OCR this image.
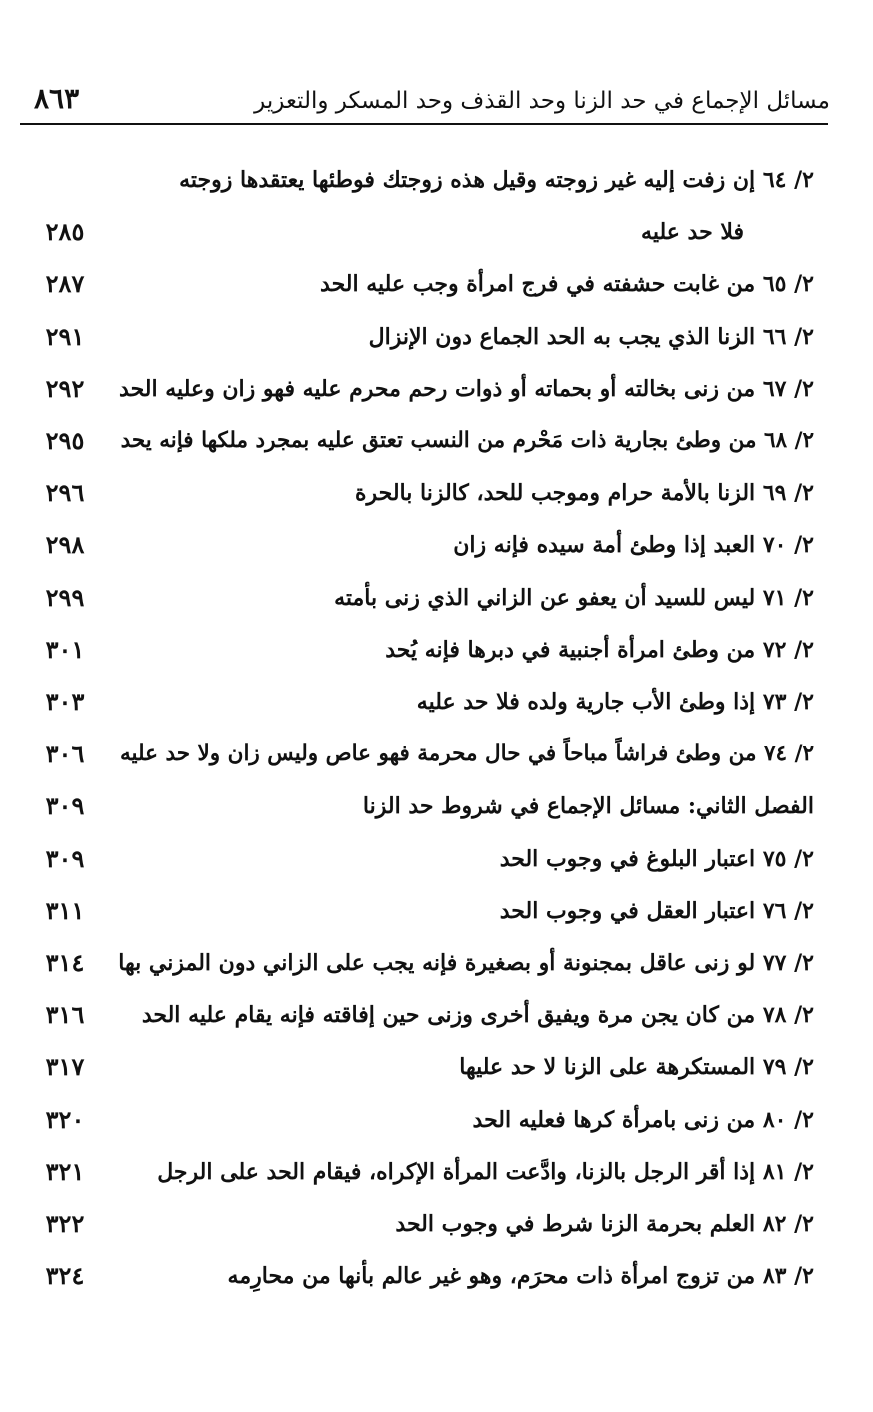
٨٦٣	مسائل الإجماع في حد الزنا وحد القذف وحد المسكر والتعزير
٢/ ٦٤ إن زفت إليه غير زوجته وقيل هذه زوجتك فوطئها يعتقدها زوجته
فلا حد عليه
٢٨٥
٢/ ٦٥ من غابت حشفته في فرج امرأة وجب عليه الحد
٢٨٧
٢/ ٦٦ الزنا الذي يجب به الحد الجماع دون الإنزال
٢٩١
٢/ ٦٧ من زنى بخالته أو بحماته أو ذوات رحم محرم عليه فهو زان وعليه الحد
٢٩٢
٢/ ٦٨ من وطئ بجارية ذات مَحْرم من النسب تعتق عليه بمجرد ملكها فإنه يحد
٢٩٥
٢/ ٦٩ الزنا بالأمة حرام وموجب للحد، كالزنا بالحرة
٢٩٦
٢/ ٧٠ العبد إذا وطئ أمة سيده فإنه زان
٢٩٨
٢/ ٧١ ليس للسيد أن يعفو عن الزاني الذي زنى بأمته
٢٩٩
٢/ ٧٢ من وطئ امرأة أجنبية في دبرها فإنه يُحد
٣٠١
٢/ ٧٣ إذا وطئ الأب جارية ولده فلا حد عليه
٣٠٣
٢/ ٧٤ من وطئ فراشاً مباحاً في حال محرمة فهو عاص وليس زان ولا حد عليه
٣٠٦
الفصل الثاني: مسائل الإجماع في شروط حد الزنا
٣٠٩
٢/ ٧٥ اعتبار البلوغ في وجوب الحد
٣٠٩
٢/ ٧٦ اعتبار العقل في وجوب الحد
٣١١
٢/ ٧٧ لو زنى عاقل بمجنونة أو بصغيرة فإنه يجب على الزاني دون المزني بها
٣١٤
٢/ ٧٨ من كان يجن مرة ويفيق أخرى وزنى حين إفاقته فإنه يقام عليه الحد
٣١٦
٢/ ٧٩ المستكرهة على الزنا لا حد عليها
٣١٧
٢/ ٨٠ من زنى بامرأة كرها فعليه الحد
٣٢٠
٢/ ٨١ إذا أقر الرجل بالزنا، وادَّعت المرأة الإكراه، فيقام الحد على الرجل
٣٢١
٢/ ٨٢ العلم بحرمة الزنا شرط في وجوب الحد
٣٢٢
٢/ ٨٣ من تزوج امرأة ذات محرَم، وهو غير عالم بأنها من محارِمه
٣٢٤
